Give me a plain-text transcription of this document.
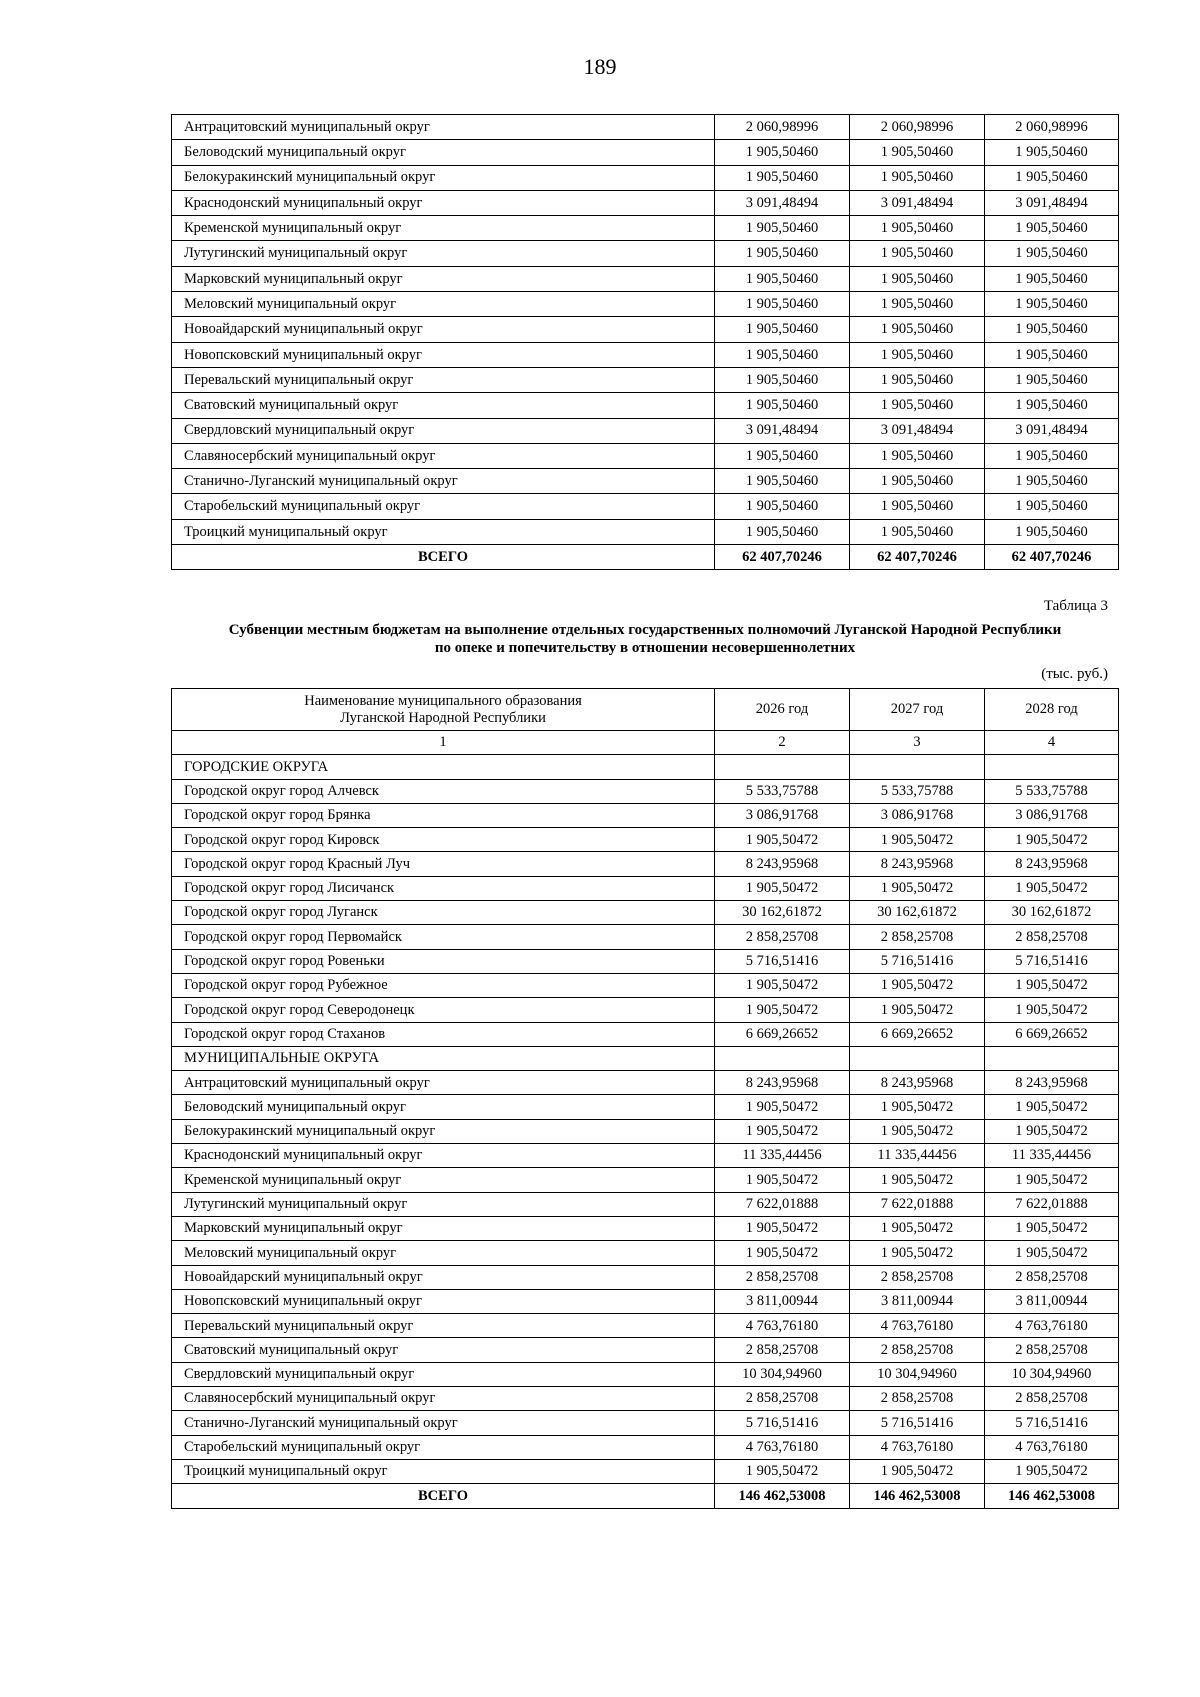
189
Антрацитовский муниципальный округ	2 060,98996	2 060,98996	2 060,98996
Беловодский муниципальный округ	1 905,50460	1 905,50460	1 905,50460
Белокуракинский муниципальный округ	1 905,50460	1 905,50460	1 905,50460
Краснодонский муниципальный округ	3 091,48494	3 091,48494	3 091,48494
Кременской муниципальный округ	1 905,50460	1 905,50460	1 905,50460
Лутугинский муниципальный округ	1 905,50460	1 905,50460	1 905,50460
Марковский муниципальный округ	1 905,50460	1 905,50460	1 905,50460
Меловский муниципальный округ	1 905,50460	1 905,50460	1 905,50460
Новоайдарский муниципальный округ	1 905,50460	1 905,50460	1 905,50460
Новопсковский муниципальный округ	1 905,50460	1 905,50460	1 905,50460
Перевальский муниципальный округ	1 905,50460	1 905,50460	1 905,50460
Сватовский муниципальный округ	1 905,50460	1 905,50460	1 905,50460
Свердловский муниципальный округ	3 091,48494	3 091,48494	3 091,48494
Славяносербский муниципальный округ	1 905,50460	1 905,50460	1 905,50460
Станично-Луганский муниципальный округ	1 905,50460	1 905,50460	1 905,50460
Старобельский муниципальный округ	1 905,50460	1 905,50460	1 905,50460
Троицкий муниципальный округ	1 905,50460	1 905,50460	1 905,50460
ВСЕГО	62 407,70246	62 407,70246	62 407,70246
Таблица 3
Субвенции местным бюджетам на выполнение отдельных государственных полномочий Луганской Народной Республики
по опеке и попечительству в отношении несовершеннолетних
(тыс. руб.)
Наименование муниципального образования
Луганской Народной Республики	2026 год	2027 год	2028 год
1	2	3	4
ГОРОДСКИЕ ОКРУГА			
Городской округ город Алчевск	5 533,75788	5 533,75788	5 533,75788
Городской округ город Брянка	3 086,91768	3 086,91768	3 086,91768
Городской округ город Кировск	1 905,50472	1 905,50472	1 905,50472
Городской округ город Красный Луч	8 243,95968	8 243,95968	8 243,95968
Городской округ город Лисичанск	1 905,50472	1 905,50472	1 905,50472
Городской округ город Луганск	30 162,61872	30 162,61872	30 162,61872
Городской округ город Первомайск	2 858,25708	2 858,25708	2 858,25708
Городской округ город Ровеньки	5 716,51416	5 716,51416	5 716,51416
Городской округ город Рубежное	1 905,50472	1 905,50472	1 905,50472
Городской округ город Северодонецк	1 905,50472	1 905,50472	1 905,50472
Городской округ город Стаханов	6 669,26652	6 669,26652	6 669,26652
МУНИЦИПАЛЬНЫЕ ОКРУГА			
Антрацитовский муниципальный округ	8 243,95968	8 243,95968	8 243,95968
Беловодский муниципальный округ	1 905,50472	1 905,50472	1 905,50472
Белокуракинский муниципальный округ	1 905,50472	1 905,50472	1 905,50472
Краснодонский муниципальный округ	11 335,44456	11 335,44456	11 335,44456
Кременской муниципальный округ	1 905,50472	1 905,50472	1 905,50472
Лутугинский муниципальный округ	7 622,01888	7 622,01888	7 622,01888
Марковский муниципальный округ	1 905,50472	1 905,50472	1 905,50472
Меловский муниципальный округ	1 905,50472	1 905,50472	1 905,50472
Новоайдарский муниципальный округ	2 858,25708	2 858,25708	2 858,25708
Новопсковский муниципальный округ	3 811,00944	3 811,00944	3 811,00944
Перевальский муниципальный округ	4 763,76180	4 763,76180	4 763,76180
Сватовский муниципальный округ	2 858,25708	2 858,25708	2 858,25708
Свердловский муниципальный округ	10 304,94960	10 304,94960	10 304,94960
Славяносербский муниципальный округ	2 858,25708	2 858,25708	2 858,25708
Станично-Луганский муниципальный округ	5 716,51416	5 716,51416	5 716,51416
Старобельский муниципальный округ	4 763,76180	4 763,76180	4 763,76180
Троицкий муниципальный округ	1 905,50472	1 905,50472	1 905,50472
ВСЕГО	146 462,53008	146 462,53008	146 462,53008
